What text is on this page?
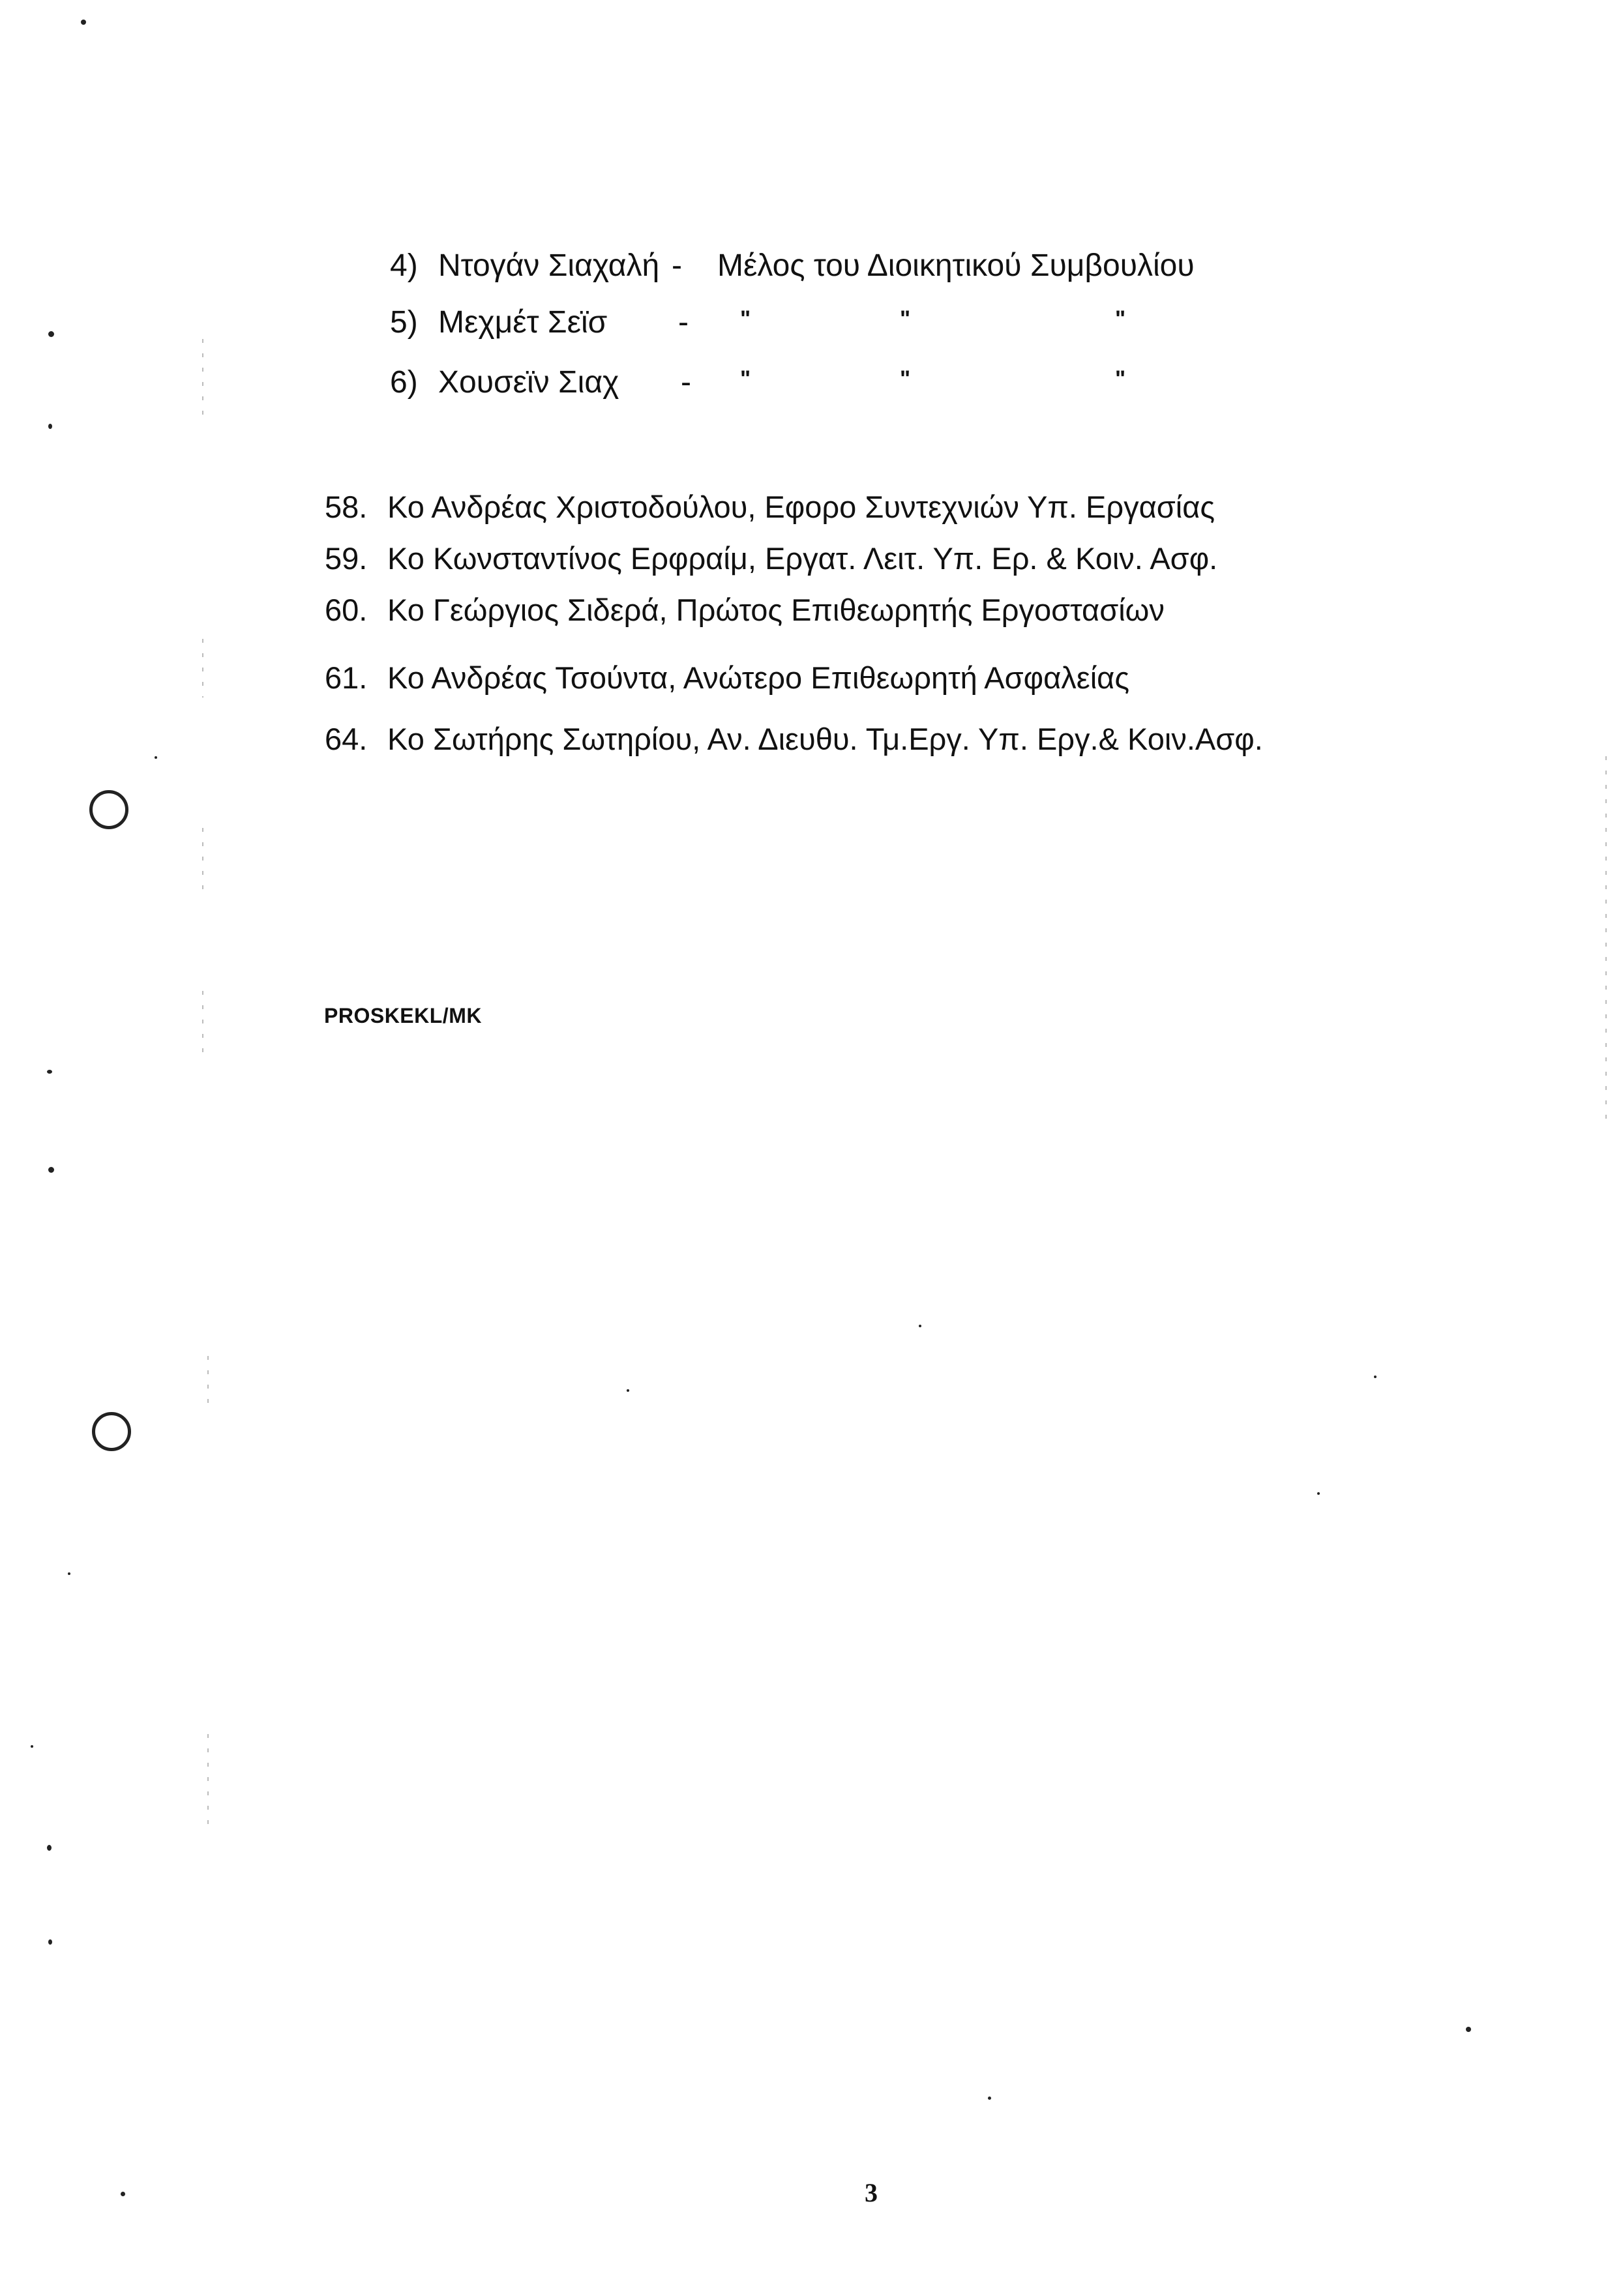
4) Ντογάν Σιαχαλή - Μέλος του Διοικητικού Συμβουλίου
5) Μεχμέτ Σεϊσ - "	"	"
6) Χουσεϊν Σιαχ - "	"	"
58. Κο Ανδρέας Χριστοδούλου, Εφορο Συντεχνιών Υπ. Εργασίας
59. Κο Κωνσταντίνος Ερφραίμ, Εργατ. Λειτ. Υπ. Ερ. & Κοιν. Ασφ.
60. Κο Γεώργιος Σιδερά, Πρώτος Επιθεωρητής Εργοστασίων
61. Κο Ανδρέας Τσούντα, Ανώτερο Επιθεωρητή Ασφαλείας
64. Κο Σωτήρης Σωτηρίου, Αν. Διευθυ. Τμ.Εργ. Υπ. Εργ.& Κοιν.Ασφ.
PROSKEKL/MK
3
